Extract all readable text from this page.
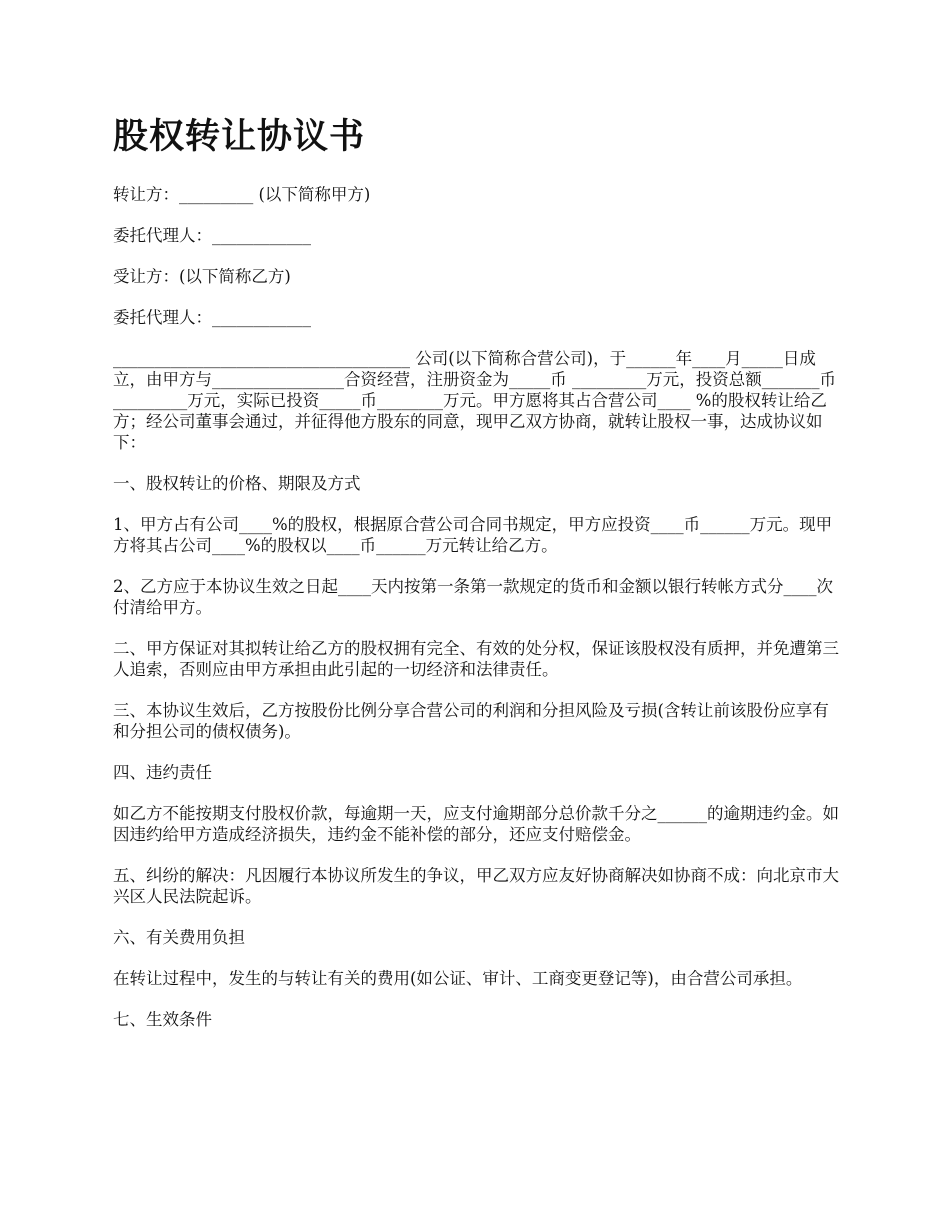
股权转让协议书

转让方：_________ (以下简称甲方)

委托代理人：____________

受让方：(以下简称乙方)

委托代理人：____________

____________________________________ 公司(以下简称合营公司)，于______年____月_____日成立，由甲方与________________合资经营，注册资金为_____币 _________万元，投资总额_______币_________万元，实际已投资_____币________万元。甲方愿将其占合营公司____ %的股权转让给乙方；经公司董事会通过，并征得他方股东的同意，现甲乙双方协商，就转让股权一事，达成协议如下：

一、股权转让的价格、期限及方式

1、甲方占有公司____%的股权，根据原合营公司合同书规定，甲方应投资____币______万元。现甲方将其占公司____%的股权以____币______万元转让给乙方。

2、乙方应于本协议生效之日起____天内按第一条第一款规定的货币和金额以银行转帐方式分____次付清给甲方。

二、甲方保证对其拟转让给乙方的股权拥有完全、有效的处分权，保证该股权没有质押，并免遭第三人追索，否则应由甲方承担由此引起的一切经济和法律责任。

三、本协议生效后，乙方按股份比例分享合营公司的利润和分担风险及亏损(含转让前该股份应享有和分担公司的债权债务)。

四、违约责任

如乙方不能按期支付股权价款，每逾期一天，应支付逾期部分总价款千分之______的逾期违约金。如因违约给甲方造成经济损失，违约金不能补偿的部分，还应支付赔偿金。

五、纠纷的解决：凡因履行本协议所发生的争议，甲乙双方应友好协商解决如协商不成：向北京市大兴区人民法院起诉。

六、有关费用负担

在转让过程中，发生的与转让有关的费用(如公证、审计、工商变更登记等)，由合营公司承担。

七、生效条件
